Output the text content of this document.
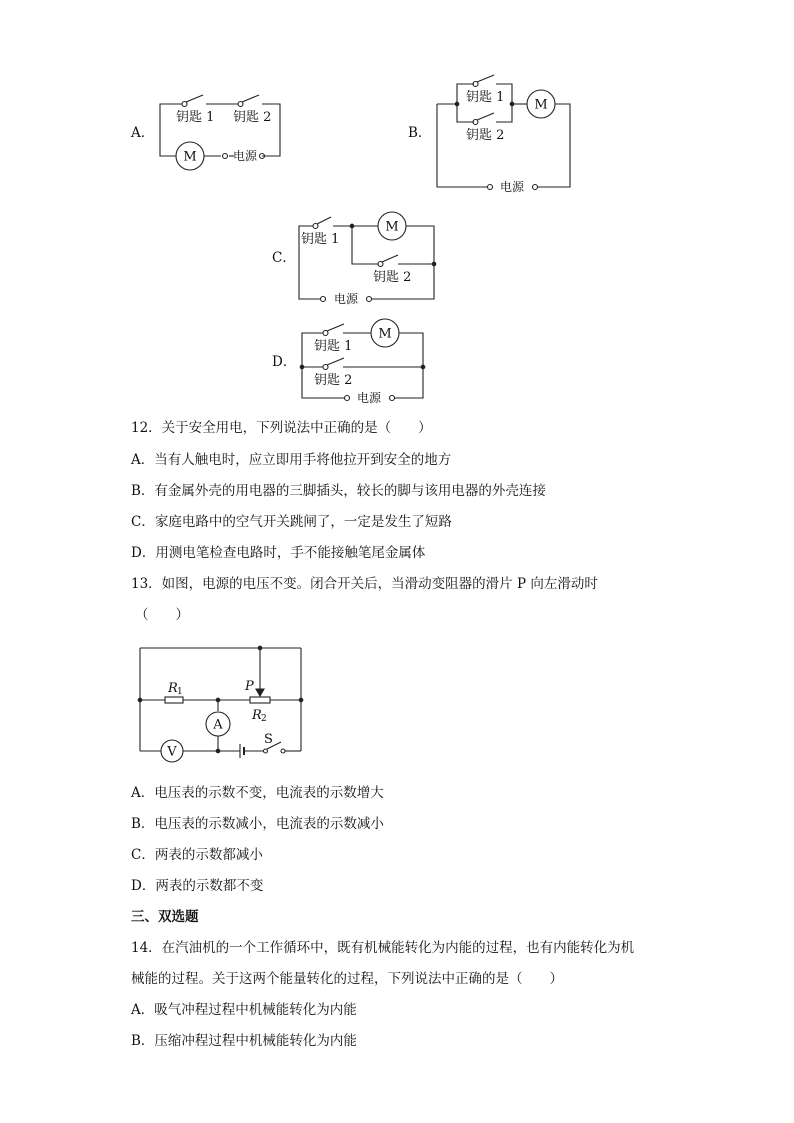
A．	B．
C．
D．
M
钥匙 1 钥匙 2
电源
M
钥匙 1
钥匙 2
电源
M
钥匙 1
钥匙 2
电源
M
钥匙 1
钥匙 2
电源
R 1	P
R 2
A
V
S
12．关于安全用电，下列说法中正确的是（　　）
A．当有人触电时，应立即用手将他拉开到安全的地方
B．有金属外壳的用电器的三脚插头，较长的脚与该用电器的外壳连接
C．家庭电路中的空气开关跳闸了，一定是发生了短路
D．用测电笔检查电路时，手不能接触笔尾金属体
13．如图，电源的电压不变。闭合开关后，当滑动变阻器的滑片 P 向左滑动时
（　　）
A．电压表的示数不变，电流表的示数增大
B．电压表的示数减小，电流表的示数减小
C．两表的示数都减小
D．两表的示数都不变
三、双选题
14．在汽油机的一个工作循环中，既有机械能转化为内能的过程，也有内能转化为机
械能的过程。关于这两个能量转化的过程，下列说法中正确的是（　　）
A．吸气冲程过程中机械能转化为内能
B．压缩冲程过程中机械能转化为内能
